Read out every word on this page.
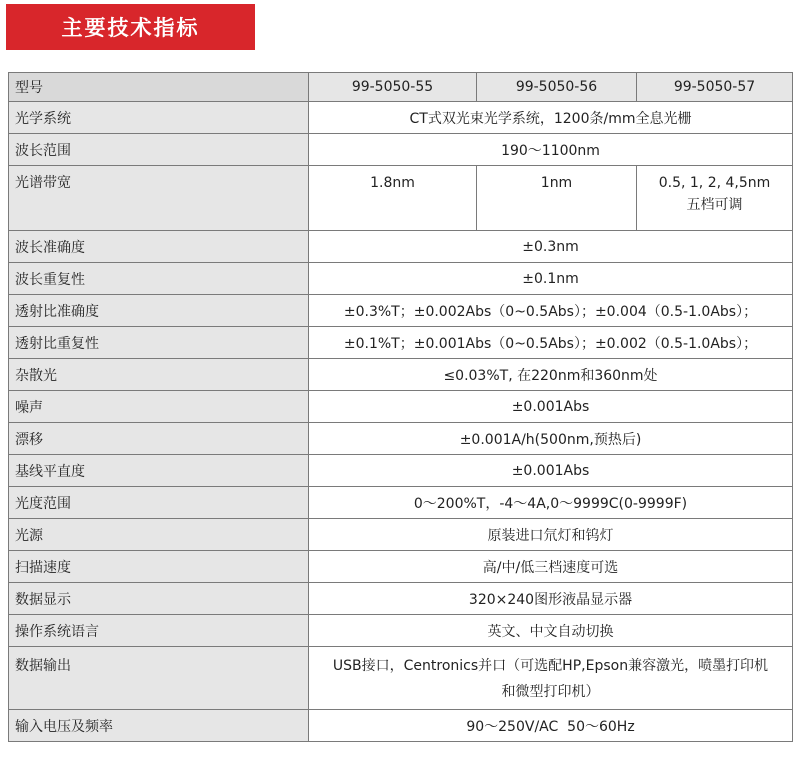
主要技术指标
型号	99-5050-55	99-5050-56	99-5050-57
光学系统	CT式双光束光学系统，1200条/mm全息光栅		
波长范围	190～1100nm		
光谱带宽	1.8nm	1nm	0.5, 1, 2, 4,5nm
五档可调

波长准确度	±0.3nm		
波长重复性	±0.1nm		
透射比准确度	±0.3%T；±0.002Abs（0~0.5Abs）；±0.004（0.5-1.0Abs）；		
透射比重复性	±0.1%T；±0.001Abs（0~0.5Abs）；±0.002（0.5-1.0Abs）；		
杂散光	≤0.03%T, 在220nm和360nm处		
噪声	±0.001Abs		
漂移	±0.001A/h(500nm,预热后)		
基线平直度	±0.001Abs		
光度范围	0～200%T，-4～4A,0～9999C(0-9999F)		
光源	原装进口氘灯和钨灯		
扫描速度	高/中/低三档速度可选		
数据显示	320×240图形液晶显示器		
操作系统语言	英文、中文自动切换		
数据输出	USB接口，Centronics并口（可选配HP,Epson兼容激光，喷墨打印机
和微型打印机）		

输入电压及频率	90～250V/AC  50～60Hz		
